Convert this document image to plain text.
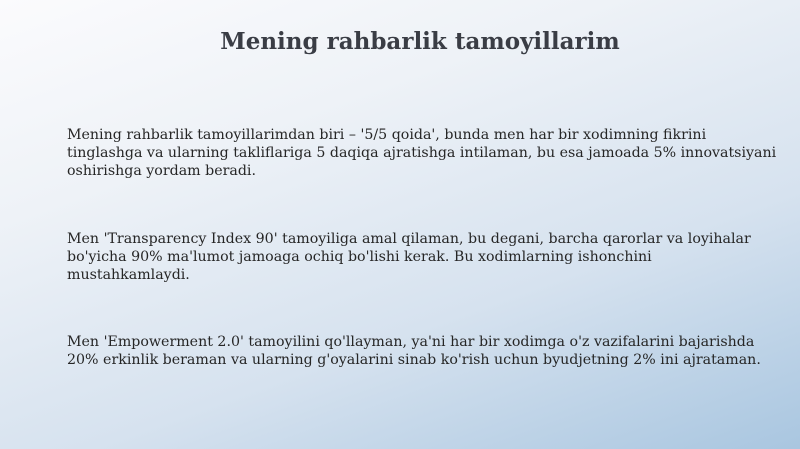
Mening rahbarlik tamoyillarim

Mening rahbarlik tamoyillarimdan biri – '5/5 qoida', bunda men har bir xodimning fikrini tinglashga va ularning takliflariga 5 daqiqa ajratishga intilaman, bu esa jamoada 5% innovatsiyani oshirishga yordam beradi.

Men 'Transparency Index 90' tamoyiliga amal qilaman, bu degani, barcha qarorlar va loyihalar bo'yicha 90% ma'lumot jamoaga ochiq bo'lishi kerak. Bu xodimlarning ishonchini mustahkamlaydi.

Men 'Empowerment 2.0' tamoyilini qo'llayman, ya'ni har bir xodimga o'z vazifalarini bajarishda 20% erkinlik beraman va ularning g'oyalarini sinab ko'rish uchun byudjetning 2% ini ajrataman.
